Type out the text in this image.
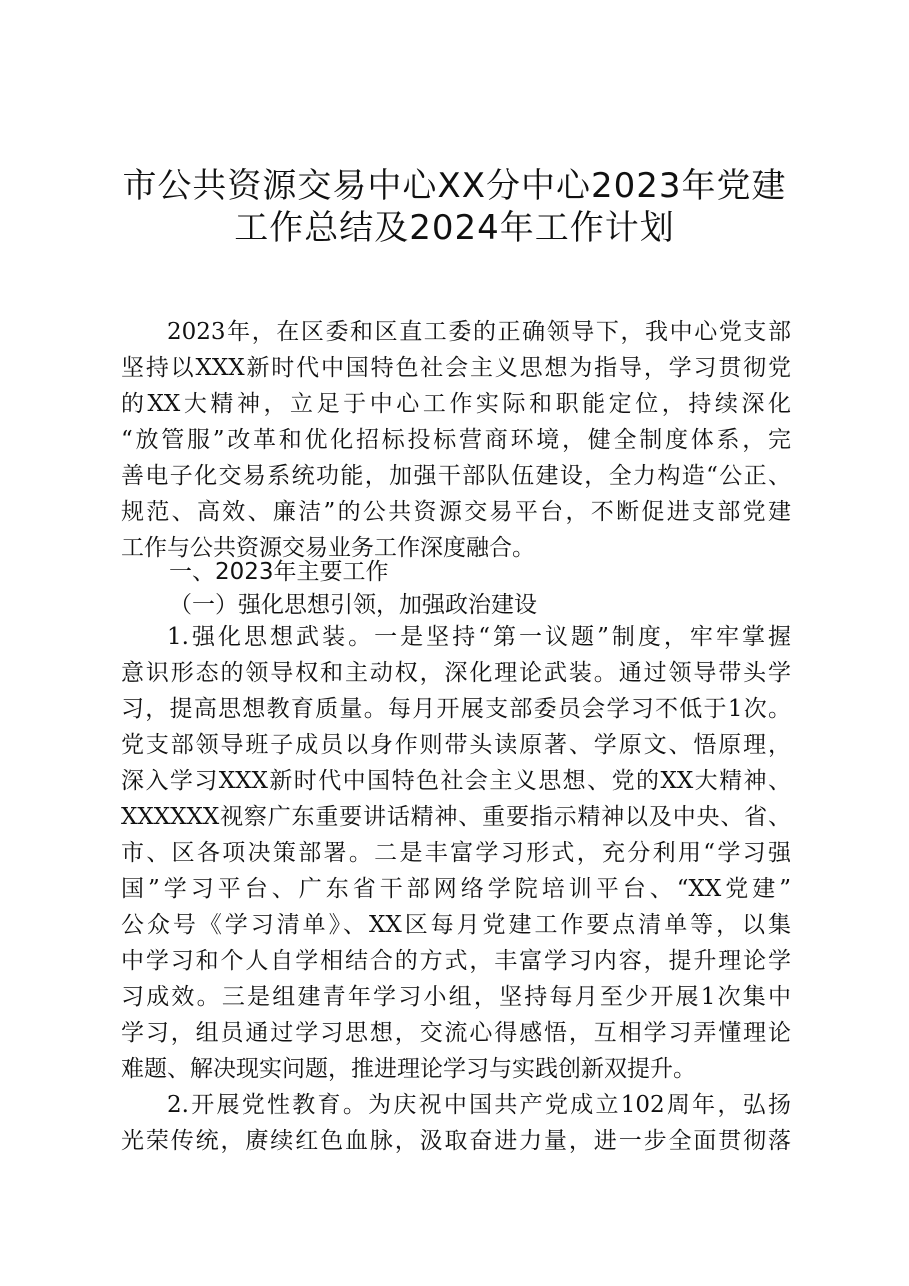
市公共资源交易中心XX分中心2023年党建
工作总结及2024年工作计划
2023年，在区委和区直工委的正确领导下，我中心党支部
坚持以XXX新时代中国特色社会主义思想为指导，学习贯彻党
的XX大精神，立足于中心工作实际和职能定位，持续深化
“放管服”改革和优化招标投标营商环境，健全制度体系，完
善电子化交易系统功能，加强干部队伍建设，全力构造“公正、
规范、高效、廉洁”的公共资源交易平台，不断促进支部党建
工作与公共资源交易业务工作深度融合。
一、2023年主要工作
（一）强化思想引领，加强政治建设
1.强化思想武装。一是坚持“第一议题”制度，牢牢掌握
意识形态的领导权和主动权，深化理论武装。通过领导带头学
习，提高思想教育质量。每月开展支部委员会学习不低于1次。
党支部领导班子成员以身作则带头读原著、学原文、悟原理，
深入学习XXX新时代中国特色社会主义思想、党的XX大精神、
XXXXXX视察广东重要讲话精神、重要指示精神以及中央、省、
市、区各项决策部署。二是丰富学习形式，充分利用“学习强
国”学习平台、广东省干部网络学院培训平台、“XX党建”
公众号《学习清单》、XX区每月党建工作要点清单等，以集
中学习和个人自学相结合的方式，丰富学习内容，提升理论学
习成效。三是组建青年学习小组，坚持每月至少开展1次集中
学习，组员通过学习思想，交流心得感悟，互相学习弄懂理论
难题、解决现实问题，推进理论学习与实践创新双提升。
2.开展党性教育。为庆祝中国共产党成立102周年，弘扬
光荣传统，赓续红色血脉，汲取奋进力量，进一步全面贯彻落
